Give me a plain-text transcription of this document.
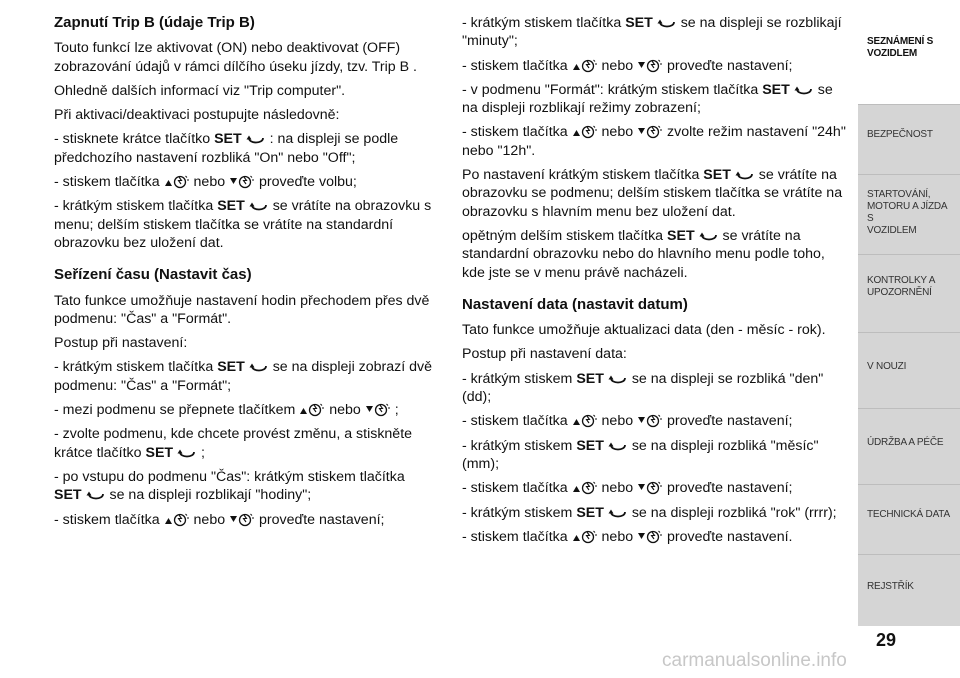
Zapnutí Trip B (údaje Trip B)
Touto funkcí lze aktivovat (ON) nebo deaktivovat (OFF) zobrazování údajů v rámci dílčího úseku jízdy, tzv. Trip B .
Ohledně dalších informací viz "Trip computer".
Při aktivaci/deaktivaci postupujte následovně:
- stisknete krátce tlačítko SET : na displeji se podle předchozího nastavení rozbliká "On" nebo "Off";
- stiskem tlačítka nebo proveďte volbu;
- krátkým stiskem tlačítka SET se vrátíte na obrazovku s menu; delším stiskem tlačítka se vrátíte na standardní obrazovku bez uložení dat.
Seřízení času (Nastavit čas)
Tato funkce umožňuje nastavení hodin přechodem přes dvě podmenu: "Čas" a "Formát".
Postup při nastavení:
- krátkým stiskem tlačítka SET se na displeji zobrazí dvě podmenu: "Čas" a "Formát";
- mezi podmenu se přepnete tlačítkem nebo ;
- zvolte podmenu, kde chcete provést změnu, a stiskněte krátce tlačítko SET ;
- po vstupu do podmenu "Čas": krátkým stiskem tlačítka SET se na displeji rozblikají "hodiny";
- stiskem tlačítka nebo proveďte nastavení;
- krátkým stiskem tlačítka SET se na displeji se rozblikají "minuty";
- stiskem tlačítka nebo proveďte nastavení;
- v podmenu "Formát": krátkým stiskem tlačítka SET se na displeji rozblikají režimy zobrazení;
- stiskem tlačítka nebo zvolte režim nastavení "24h" nebo "12h".
Po nastavení krátkým stiskem tlačítka SET se vrátíte na obrazovku se podmenu; delším stiskem tlačítka se vrátíte na obrazovku s hlavním menu bez uložení dat.
opětným delším stiskem tlačítka SET se vrátíte na standardní obrazovku nebo do hlavního menu podle toho, kde jste se v menu právě nacházeli.
Nastavení data (nastavit datum)
Tato funkce umožňuje aktualizaci data (den - měsíc - rok).
Postup při nastavení data:
- krátkým stiskem SET se na displeji se rozbliká "den" (dd);
- stiskem tlačítka nebo proveďte nastavení;
- krátkým stiskem SET se na displeji rozbliká "měsíc" (mm);
- stiskem tlačítka nebo proveďte nastavení;
- krátkým stiskem SET se na displeji rozbliká "rok" (rrrr);
- stiskem tlačítka nebo proveďte nastavení.
SEZNÁMENÍ S
VOZIDLEM
BEZPEČNOST
STARTOVÁNÍ,
MOTORU A JÍZDA S
VOZIDLEM
KONTROLKY A
UPOZORNĚNÍ
V NOUZI
ÚDRŽBA A PÉČE
TECHNICKÁ DATA
REJSTŘÍK
29
carmanualsonline.info
